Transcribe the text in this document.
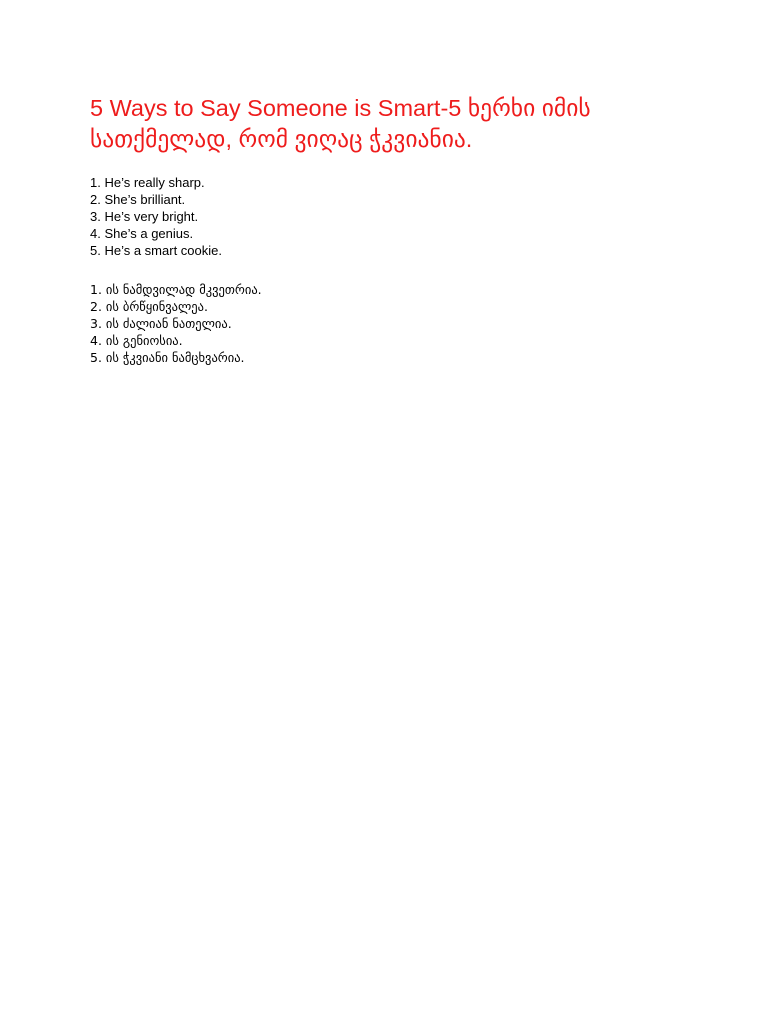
5 Ways to Say Someone is Smart-5 ხერხი იმის სათქმელად, რომ ვიღაც ჭკვიანია.
1. He’s really sharp.
2. She’s brilliant.
3. He’s very bright.
4. She’s a genius.
5. He’s a smart cookie.
1. ის ნამდვილად მკვეთრია.
2. ის ბრწყინვალეა.
3. ის ძალიან ნათელია.
4. ის გენიოსია.
5. ის ჭკვიანი ნამცხვარია.
